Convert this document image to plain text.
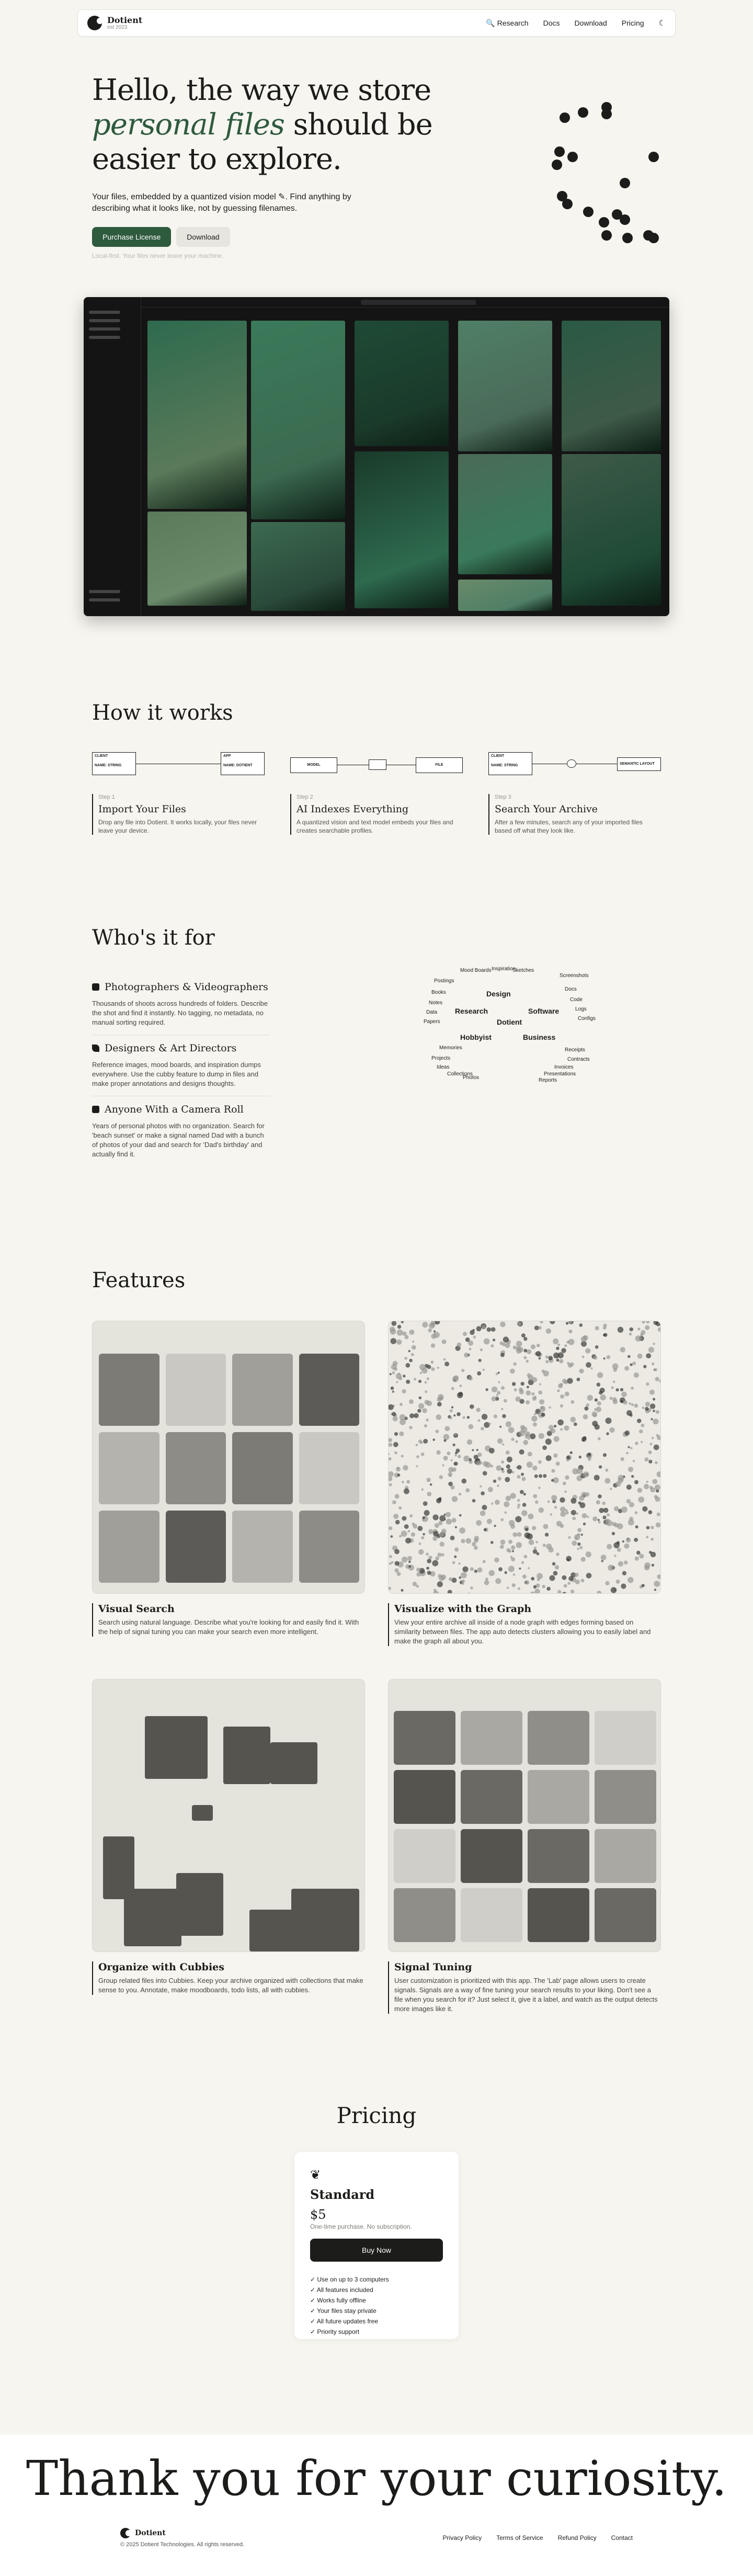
Dotient
est 2023
🔍 Research Docs Download Pricing ☾
Hello, the way we store
personal files should be
easier to explore.

Your files, embedded by a quantized vision model ✎. Find anything by describing what it looks like, not by guessing filenames.

Purchase License	Download
Local-first. Your files never leave your machine.
How it works
CLIENT

NAME: STRING
APP

NAME: DOTIENT
Step 1
Import Your Files

Drop any file into Dotient. It works locally, your files never leave your device.

MODEL	FILE
Step 2
AI Indexes Everything

A quantized vision and text model embeds your files and creates searchable profiles.

CLIENT

NAME: STRING	SEMANTIC LAYOUT
Step 3
Search Your Archive

After a few minutes, search any of your imported files based off what they look like.

Who's it for
Photographers & Videographers

Thousands of shoots across hundreds of folders. Describe the shot and find it instantly. No tagging, no metadata, no manual sorting required.

Designers & Art Directors

Reference images, mood boards, and inspiration dumps everywhere. Use the cubby feature to dump in files and make proper annotations and designs thoughts.

Anyone With a Camera Roll

Years of personal photos with no organization. Search for 'beach sunset' or make a signal named Dad with a bunch of photos of your dad and search for 'Dad's birthday' and actually find it.

Mood Boards Inspiration
Sketches
Screenshots
Postings
Books
Notes
Data
Papers
Design
Docs
Code
Logs
Configs
Research	Software
Dotient
Hobbyist	Business
Memories
Projects
Ideas
Collections
Photos
Receipts
Contracts
Invoices
Presentations
Reports
Features
Visual Search

Search using natural language. Describe what you're looking for and easily find it. With the help of signal tuning you can make your search even more intelligent.

Visualize with the Graph

View your entire archive all inside of a node graph with edges forming based on similarity between files. The app auto detects clusters allowing you to easily label and make the graph all about you.

Organize with Cubbies

Group related files into Cubbies. Keep your archive organized with collections that make sense to you. Annotate, make moodboards, todo lists, all with cubbies.

Signal Tuning

User customization is prioritized with this app. The 'Lab' page allows users to create signals. Signals are a way of fine tuning your search results to your liking. Don't see a file when you search for it? Just select it, give it a label, and watch as the output detects more images like it.

Pricing
❦
Standard
$5
One-time purchase. No subscription.
Buy Now
✓ Use on up to 3 computers
✓ All features included
✓ Works fully offline
✓ Your files stay private
✓ All future updates free
✓ Priority support
Thank you for your curiosity.
Dotient
© 2025 Dotient Technologies. All rights reserved.
Privacy Policy Terms of Service Refund Policy Contact
